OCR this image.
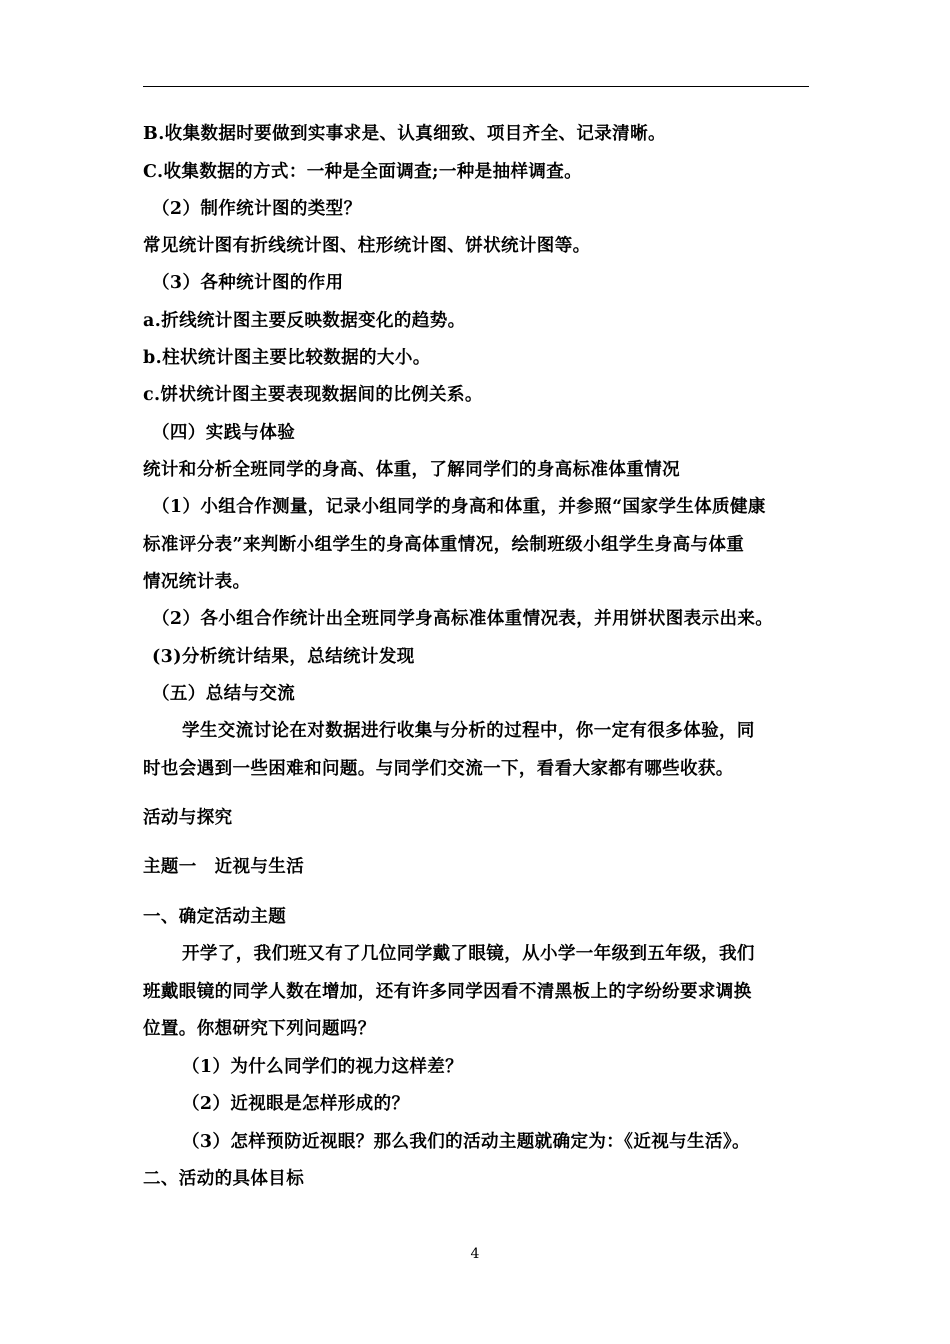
B.收集数据时要做到实事求是、认真细致、项目齐全、记录清晰。

C.收集数据的方式：一种是全面调查;一种是抽样调查。

（2）制作统计图的类型？

常见统计图有折线统计图、柱形统计图、饼状统计图等。

（3）各种统计图的作用

a.折线统计图主要反映数据变化的趋势。

b.柱状统计图主要比较数据的大小。

c.饼状统计图主要表现数据间的比例关系。

（四）实践与体验

统计和分析全班同学的身高、体重，了解同学们的身高标准体重情况

（1）小组合作测量，记录小组同学的身高和体重，并参照“国家学生体质健康

标准评分表”来判断小组学生的身高体重情况，绘制班级小组学生身高与体重

情况统计表。

（2）各小组合作统计出全班同学身高标准体重情况表，并用饼状图表示出来。

(3)分析统计结果，总结统计发现

（五）总结与交流

学生交流讨论在对数据进行收集与分析的过程中，你一定有很多体验，同

时也会遇到一些困难和问题。与同学们交流一下，看看大家都有哪些收获。

活动与探究

主题一　近视与生活

一、确定活动主题

开学了，我们班又有了几位同学戴了眼镜，从小学一年级到五年级，我们

班戴眼镜的同学人数在增加，还有许多同学因看不清黑板上的字纷纷要求调换

位置。你想研究下列问题吗？

（1）为什么同学们的视力这样差？

（2）近视眼是怎样形成的？

（3）怎样预防近视眼？那么我们的活动主题就确定为：《近视与生活》。

二、活动的具体目标

4
